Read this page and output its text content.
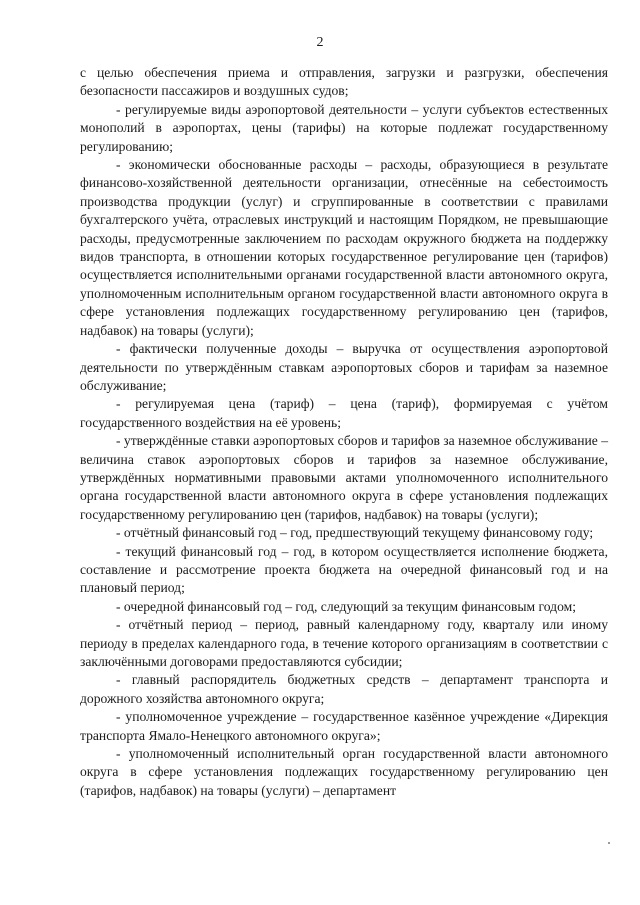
2

с целью обеспечения приема и отправления, загрузки и разгрузки, обеспечения безопасности пассажиров и воздушных судов;

- регулируемые виды аэропортовой деятельности – услуги субъектов естественных монополий в аэропортах, цены (тарифы) на которые подлежат государственному регулированию;

- экономически обоснованные расходы – расходы, образующиеся в результате финансово-хозяйственной деятельности организации, отнесённые на себестоимость производства продукции (услуг) и сгруппированные в соответствии с правилами бухгалтерского учёта, отраслевых инструкций и настоящим Порядком, не превышающие расходы, предусмотренные заключением по расходам окружного бюджета на поддержку видов транспорта, в отношении которых государственное регулирование цен (тарифов) осуществляется исполнительными органами государственной власти автономного округа, уполномоченным исполнительным органом государственной власти автономного округа в сфере установления подлежащих государственному регулированию цен (тарифов, надбавок) на товары (услуги);

- фактически полученные доходы – выручка от осуществления аэропортовой деятельности по утверждённым ставкам аэропортовых сборов и тарифам за наземное обслуживание;

- регулируемая цена (тариф) – цена (тариф), формируемая с учётом государственного воздействия на её уровень;

- утверждённые ставки аэропортовых сборов и тарифов за наземное обслуживание – величина ставок аэропортовых сборов и тарифов за наземное обслуживание, утверждённых нормативными правовыми актами уполномоченного исполнительного органа государственной власти автономного округа в сфере установления подлежащих государственному регулированию цен (тарифов, надбавок) на товары (услуги);

- отчётный финансовый год – год, предшествующий текущему финансовому году;

- текущий финансовый год – год, в котором осуществляется исполнение бюджета, составление и рассмотрение проекта бюджета на очередной финансовый год и на плановый период;

- очередной финансовый год – год, следующий за текущим финансовым годом;

- отчётный период – период, равный календарному году, кварталу или иному периоду в пределах календарного года, в течение которого организациям в соответствии с заключёнными договорами предоставляются субсидии;

- главный распорядитель бюджетных средств – департамент транспорта и дорожного хозяйства автономного округа;

- уполномоченное учреждение – государственное казённое учреждение «Дирекция транспорта Ямало-Ненецкого автономного округа»;

- уполномоченный исполнительный орган государственной власти автономного округа в сфере установления подлежащих государственному регулированию цен (тарифов, надбавок) на товары (услуги) – департамент
